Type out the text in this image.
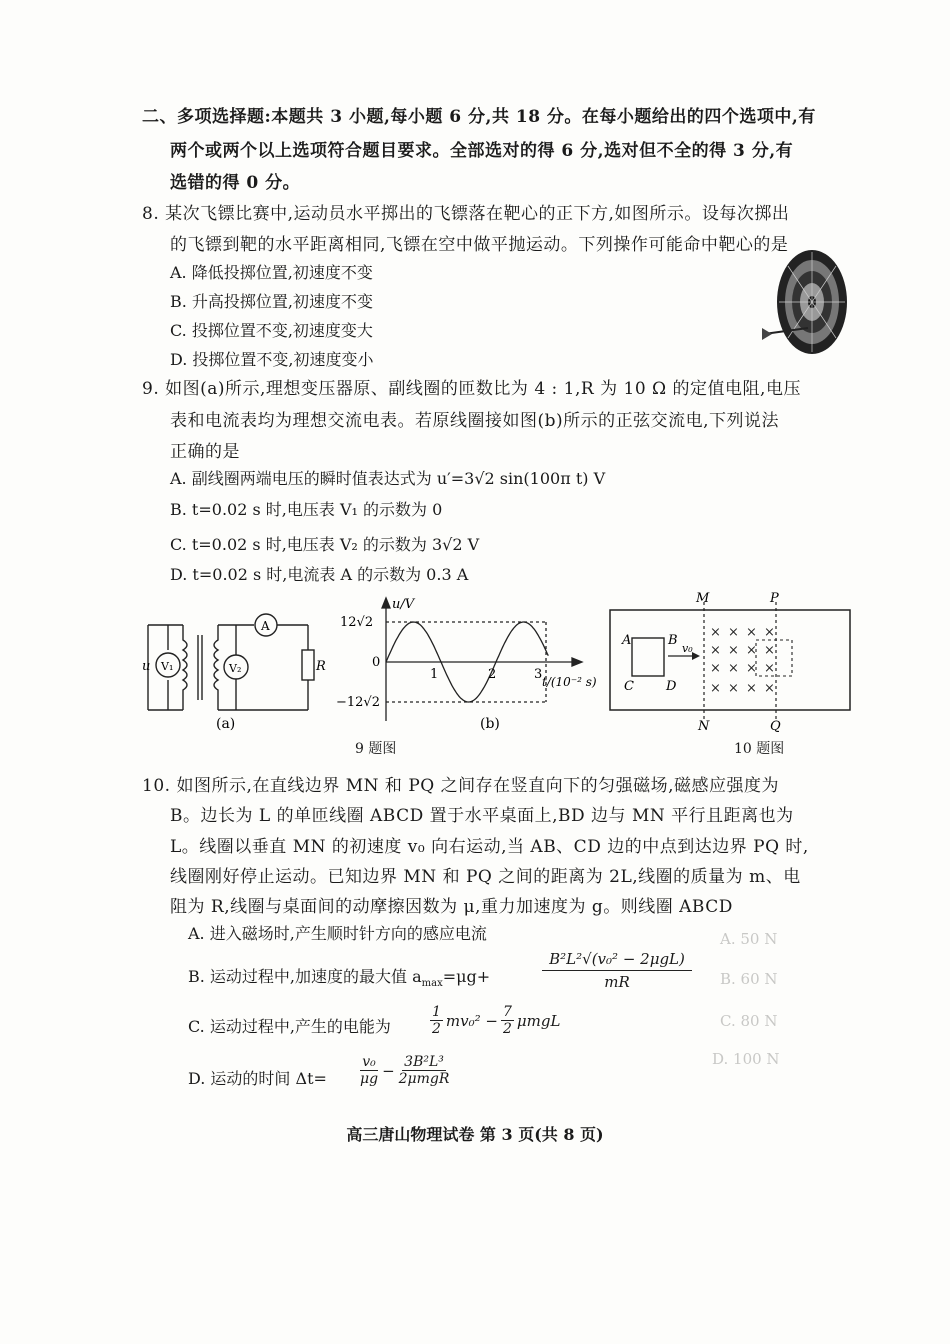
A. 50 N
B. 60 N
C. 80 N
D. 100 N
二、多项选择题:本题共 3 小题,每小题 6 分,共 18 分。在每小题给出的四个选项中,有
两个或两个以上选项符合题目要求。全部选对的得 6 分,选对但不全的得 3 分,有
选错的得 0 分。
8. 某次飞镖比赛中,运动员水平掷出的飞镖落在靶心的正下方,如图所示。设每次掷出
的飞镖到靶的水平距离相同,飞镖在空中做平抛运动。下列操作可能命中靶心的是
A. 降低投掷位置,初速度不变
B. 升高投掷位置,初速度不变
C. 投掷位置不变,初速度变大
D. 投掷位置不变,初速度变小
9. 如图(a)所示,理想变压器原、副线圈的匝数比为 4 : 1,R 为 10 Ω 的定值电阻,电压
表和电流表均为理想交流电表。若原线圈接如图(b)所示的正弦交流电,下列说法
正确的是
A. 副线圈两端电压的瞬时值表达式为 u′=3√2 sin(100π t) V
B. t=0.02 s 时,电压表 V₁ 的示数为 0
C. t=0.02 s 时,电压表 V₂ 的示数为 3√2 V
D. t=0.02 s 时,电流表 A 的示数为 0.3 A
u V₁	V₂
A
R
(a)
u/V
12√2
0
−12√2
1	2	3 t/(10⁻² s)
(b)
9 题图
× × × ×
× × × ×
× × × ×
× × × ×
M
N
P
Q
A	B
C D
v₀
10 题图
10. 如图所示,在直线边界 MN 和 PQ 之间存在竖直向下的匀强磁场,磁感应强度为
B。边长为 L 的单匝线圈 ABCD 置于水平桌面上,BD 边与 MN 平行且距离也为
L。线圈以垂直 MN 的初速度 v₀ 向右运动,当 AB、CD 边的中点到达边界 PQ 时,
线圈刚好停止运动。已知边界 MN 和 PQ 之间的距离为 2L,线圈的质量为 m、电
阻为 R,线圈与桌面间的动摩擦因数为 μ,重力加速度为 g。则线圈 ABCD
A. 进入磁场时,产生顺时针方向的感应电流
B. 运动过程中,加速度的最大值 $a_{max}=\mu g+$
B²L²√(v₀² − 2μgL)
mR
C. 运动过程中,产生的电能为
1
2 $mv_0^2 - \frac{7}{2}$ μmgL
D. 运动的时间 Δt=
v₀
μg − 3B²L³
2μmgR
高三唐山物理试卷 第 3 页(共 8 页)
